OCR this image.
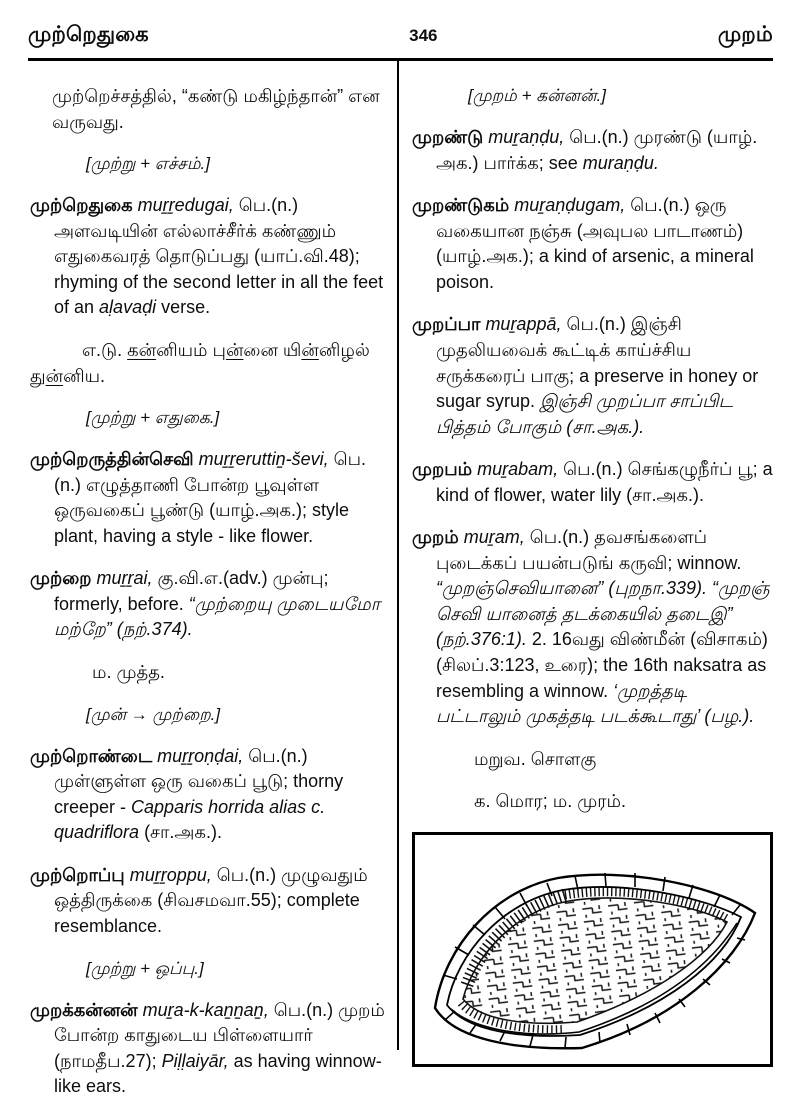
முற்றெதுகை	346	முறம்
முற்றெச்சத்தில், “கண்டு மகிழ்ந்தான்” என வருவது.
[முற்று + எச்சம்.]
முற்றெதுகை muṟṟedugai, பெ.(n.) அளவடியின் எல்லாச்சீர்க் கண்ணும் எதுகைவரத் தொடுப்பது (யாப்.வி.48); rhyming of the second letter in all the feet of an aḷavaḍi verse.
எ.டு. கன்னியம் புன்னை யின்னிழல் துன்னிய.
[முற்று + எதுகை.]
முற்றெருத்தின்செவி muṟṟeruttiṉ-ševi, பெ.(n.) எழுத்தாணி போன்ற பூவுள்ள ஒருவகைப் பூண்டு (யாழ்.அக.); style plant, having a style - like flower.
முற்றை muṟṟai, கு.வி.எ.(adv.) முன்பு; formerly, before. “முற்றையு முடையமோ மற்றே” (நற்.374).
ம. முத்த.
[முன் → முற்றை.]
முற்றொண்டை muṟṟoṇḍai, பெ.(n.) முள்ளுள்ள ஒரு வகைப் பூடு; thorny creeper - Capparis horrida alias c. quadriflora (சா.அக.).
முற்றொப்பு muṟṟoppu, பெ.(n.) முழுவதும் ஒத்திருக்கை (சிவசமவா.55); complete resemblance.
[முற்று + ஒப்பு.]
முறக்கன்னன் muṟa-k-kaṉṉaṉ, பெ.(n.) முறம் போன்ற காதுடைய பிள்ளையார் (நாமதீப.27); Piḷḷaiyār, as having winnow-like ears.
[முறம் + கன்னன்.]
முறண்டு muṟaṇḍu, பெ.(n.) முரண்டு (யாழ். அக.) பார்க்க; see muraṇḍu.
முறண்டுகம் muṟaṇḍugam, பெ.(n.) ஒரு வகையான நஞ்சு (அவுபல பாடாணம்) (யாழ்.அக.); a kind of arsenic, a mineral poison.
முறப்பா muṟappā, பெ.(n.) இஞ்சி முதலியவைக் கூட்டிக் காய்ச்சிய சருக்கரைப் பாகு; a preserve in honey or sugar syrup. இஞ்சி முறப்பா சாப்பிட பித்தம் போகும் (சா.அக.).
முறபம் muṟabam, பெ.(n.) செங்கழுநீர்ப் பூ; a kind of flower, water lily (சா.அக.).
முறம் muṟam, பெ.(n.) தவசங்களைப் புடைக்கப் பயன்படுங் கருவி; winnow. “முறஞ்செவியானை” (புறநா.339). “முறஞ் செவி யானைத் தடக்கையில் தடைஇ” (நற்.376:1). 2. 16வது விண்மீன் (விசாகம்) (சிலப்.3:123, உரை); the 16th naksatra as resembling a winnow. ‘முறத்தடி பட்டாலும் முகத்தடி படக்கூடாது’ (பழ.).
மறுவ. சொளகு
க. மொர; ம. முரம்.
